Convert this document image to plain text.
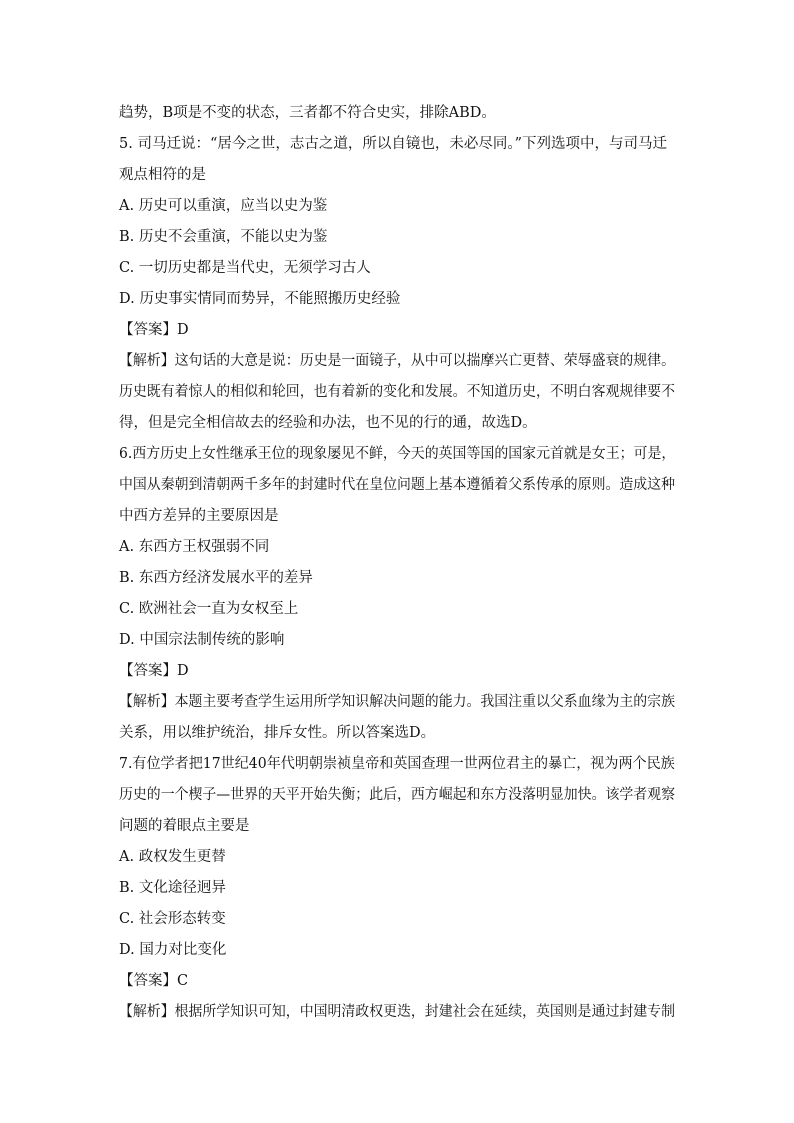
趋势，B项是不变的状态，三者都不符合史实，排除ABD。
5. 司马迁说：“居今之世，志古之道，所以自镜也，未必尽同。”下列选项中，与司马迁
观点相符的是
A. 历史可以重演，应当以史为鉴
B. 历史不会重演，不能以史为鉴
C. 一切历史都是当代史，无须学习古人
D. 历史事实情同而势异，不能照搬历史经验
【答案】D
【解析】这句话的大意是说：历史是一面镜子，从中可以揣摩兴亡更替、荣辱盛衰的规律。
历史既有着惊人的相似和轮回，也有着新的变化和发展。不知道历史，不明白客观规律要不
得，但是完全相信故去的经验和办法，也不见的行的通，故选D。
6.西方历史上女性继承王位的现象屡见不鲜，今天的英国等国的国家元首就是女王；可是，
中国从秦朝到清朝两千多年的封建时代在皇位问题上基本遵循着父系传承的原则。造成这种
中西方差异的主要原因是
A. 东西方王权强弱不同
B. 东西方经济发展水平的差异
C. 欧洲社会一直为女权至上
D. 中国宗法制传统的影响
【答案】D
【解析】本题主要考查学生运用所学知识解决问题的能力。我国注重以父系血缘为主的宗族
关系，用以维护统治，排斥女性。所以答案选D。
7.有位学者把17世纪40年代明朝崇祯皇帝和英国查理一世两位君主的暴亡，视为两个民族
历史的一个楔子—世界的天平开始失衡；此后，西方崛起和东方没落明显加快。该学者观察
问题的着眼点主要是
A. 政权发生更替
B. 文化途径迥异
C. 社会形态转变
D. 国力对比变化
【答案】C
【解析】根据所学知识可知，中国明清政权更迭，封建社会在延续，英国则是通过封建专制
